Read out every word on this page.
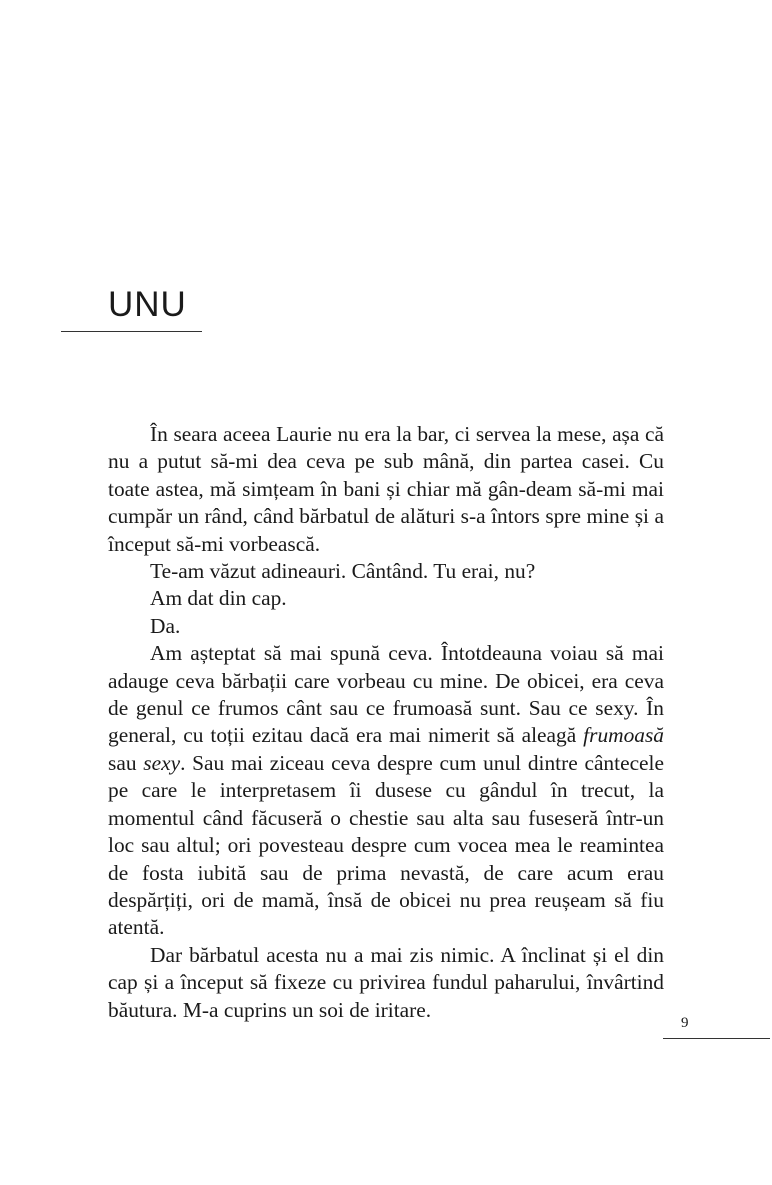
UNU

În seara aceea Laurie nu era la bar, ci servea la mese, așa că nu a putut să-mi dea ceva pe sub mână, din partea casei. Cu toate astea, mă simțeam în bani și chiar mă gân-deam să-mi mai cumpăr un rând, când bărbatul de alături s-a întors spre mine și a început să-mi vorbească.

Te-am văzut adineauri. Cântând. Tu erai, nu?

Am dat din cap.

Da.

Am așteptat să mai spună ceva. Întotdeauna voiau să mai adauge ceva bărbații care vorbeau cu mine. De obicei, era ceva de genul ce frumos cânt sau ce frumoasă sunt. Sau ce sexy. În general, cu toții ezitau dacă era mai nimerit să aleagă frumoasă sau sexy. Sau mai ziceau ceva despre cum unul dintre cântecele pe care le interpretasem îi dusese cu gândul în trecut, la momentul când făcuseră o chestie sau alta sau fuseseră într-un loc sau altul; ori povesteau despre cum vocea mea le reamintea de fosta iubită sau de prima nevastă, de care acum erau despărțiți, ori de mamă, însă de obicei nu prea reușeam să fiu atentă.

Dar bărbatul acesta nu a mai zis nimic. A înclinat și el din cap și a început să fixeze cu privirea fundul paharului, învârtind băutura. M-a cuprins un soi de iritare.

9
